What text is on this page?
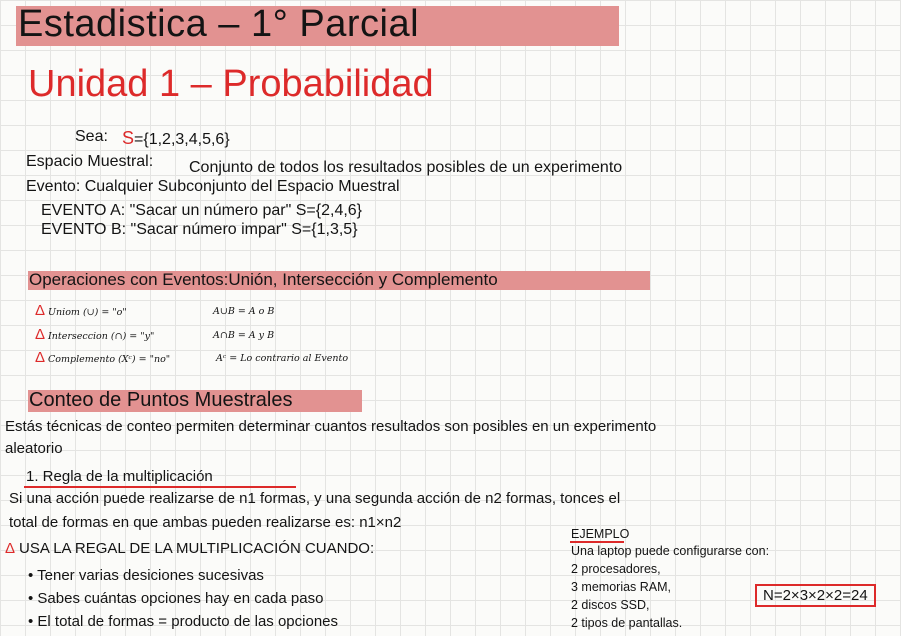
Estadistica – 1° Parcial
Unidad 1 – Probabilidad
Sea: S={1,2,3,4,5,6}
Espacio Muestral: Conjunto de todos los resultados posibles de un experimento
Evento: Cualquier Subconjunto del Espacio Muestral
EVENTO A: "Sacar un número par" S={2,4,6}
EVENTO B: "Sacar número impar" S={1,3,5}
Operaciones con Eventos:Unión, Intersección y Complemento
Δ Uniom (∪) = "o"	A∪B = A o B
Δ Interseccion (∩) = "y"	A∩B = A y B
Δ Complemento (Xᶜ) = "no"	Aᶜ = Lo contrario al Evento
Conteo de Puntos Muestrales
Estás técnicas de conteo permiten determinar cuantos resultados son posibles en un experimento
aleatorio
1. Regla de la multiplicación
Si una acción puede realizarse de n1 formas, y una segunda acción de n2 formas, tonces el
total de formas en que ambas pueden realizarse es: n1×n2
Δ USA LA REGAL DE LA MULTIPLICACIÓN CUANDO:
• Tener varias desiciones sucesivas
• Sabes cuántas opciones hay en cada paso
• El total de formas = producto de las opciones
EJEMPLO
Una laptop puede configurarse con:
2 procesadores,
3 memorias RAM,
2 discos SSD,
2 tipos de pantallas.
N=2×3×2×2=24
